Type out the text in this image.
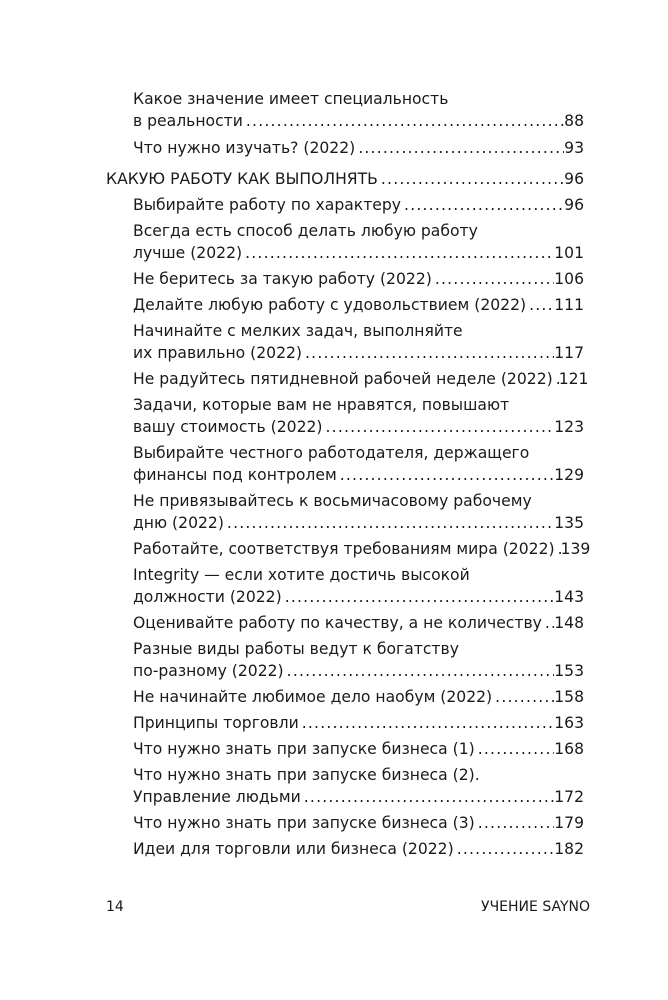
Какое значение имеет специальность
в реальности .....	88
Что нужно изучать? (2022) .....	93
КАКУЮ РАБОТУ КАК ВЫПОЛНЯТЬ .....	96
Выбирайте работу по характеру .....	96
Всегда есть способ делать любую работу
лучше (2022) .....	101
Не беритесь за такую работу (2022) .....	106
Делайте любую работу с удовольствием (2022) ..... 111
Начинайте с мелких задач, выполняйте
их правильно (2022) .....	117
Не радуйтесь пятидневной рабочей неделе (2022) ..... 121
Задачи, которые вам не нравятся, повышают
вашу стоимость (2022) .....	123
Выбирайте честного работодателя, держащего
финансы под контролем .....	129
Не привязывайтесь к восьмичасовому рабочему
дню (2022) .....	135
Работайте, соответствуя требованиям мира (2022) ..... 139
Integrity — если хотите достичь высокой
должности (2022) .....	143
Оценивайте работу по качеству, а не количеству ..... 148
Разные виды работы ведут к богатству
по-разному (2022) .....	153
Не начинайте любимое дело наобум (2022) .....	158
Принципы торговли .....	163
Что нужно знать при запуске бизнеса (1) .....	168
Что нужно знать при запуске бизнеса (2).
Управление людьми .....	172
Что нужно знать при запуске бизнеса (3) .....	179
Идеи для торговли или бизнеса (2022) .....	182
14	УЧЕНИЕ SAYNO
